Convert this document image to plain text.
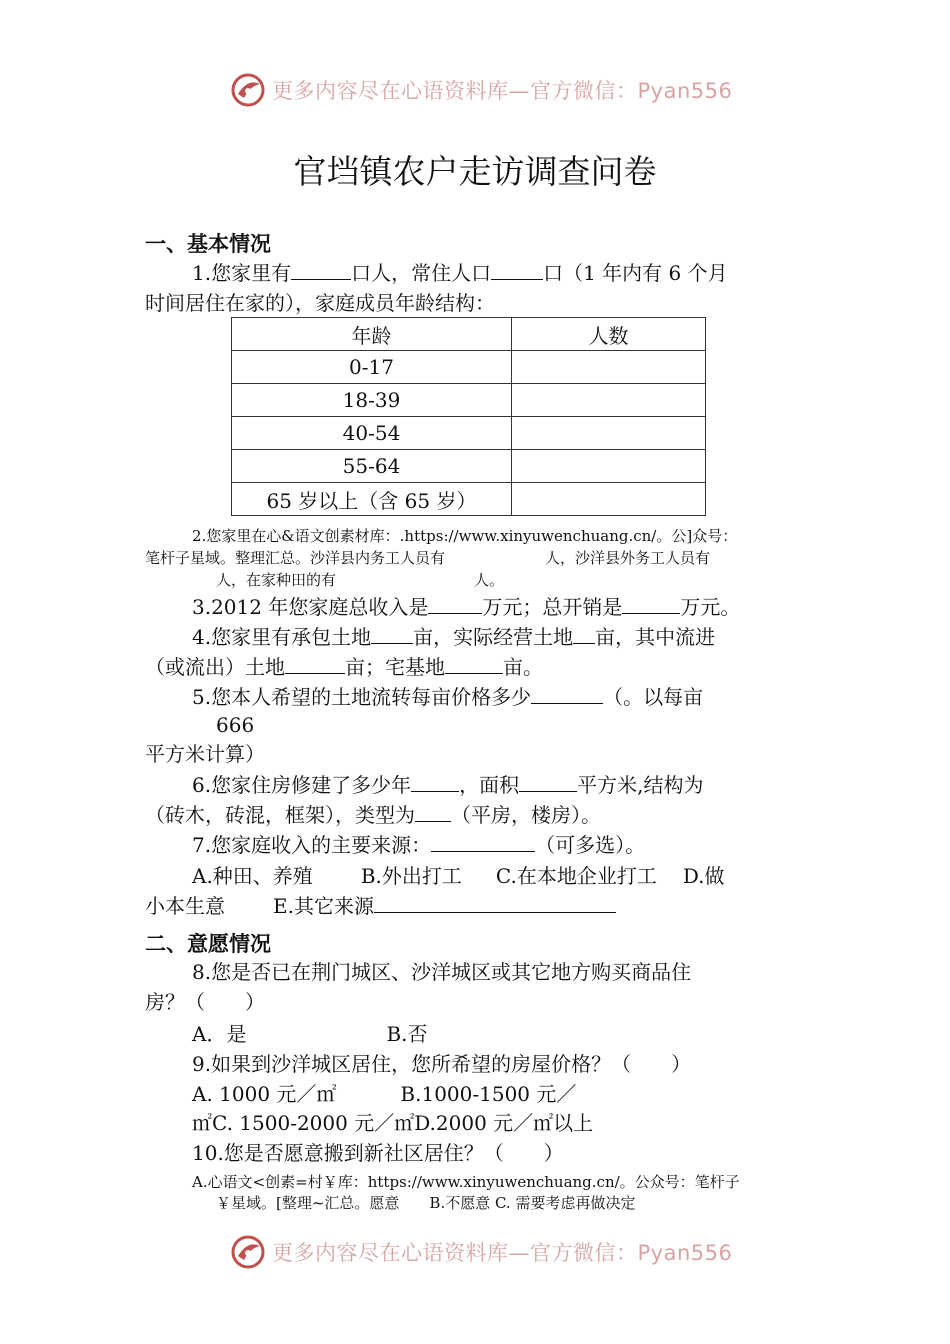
更多内容尽在心语资料库—官方微信：Pyan556
官垱镇农户走访调查问卷
一、基本情况
1.您家里有	口人，常住人口	口（1 年内有 6 个月
时间居住在家的），家庭成员年龄结构：
年龄	人数
0-17	
18-39	
40-54	
55-64	
65 岁以上（含 65 岁）	
2.您家里在心&语文创素材库：.https://www.xinyuwenchuang.cn/。公]众号：
笔杆子星域。整理汇总。沙洋县内务工人员有	人，沙洋县外务工人员有
人，在家种田的有	人。
3.2012 年您家庭总收入是	万元；总开销是	万元。
4.您家里有承包土地 亩，实际经营土地 亩，其中流进
（或流出）土地	亩；宅基地	亩。
5.您本人希望的土地流转每亩价格多少	（。以每亩
666
平方米计算）
6.您家住房修建了多少年 ，面积	平方米,结构为
（砖木，砖混，框架），类型为 （平房，楼房）。
7.您家庭收入的主要来源：	（可多选）。
A.种田、养殖 B.外出打工 C.在本地企业打工 D.做
小本生意 E.其它来源
二、意愿情况
8.您是否已在荆门城区、沙洋城区或其它地方购买商品住
房？（　　）
A．是	B.否
9.如果到沙洋城区居住，您所希望的房屋价格？（　　）
A. 1000 元／㎡	B.1000-1500 元／
㎡C. 1500-2000 元／㎡D.2000 元／㎡以上
10.您是否愿意搬到新社区居住？（　　）
A.心语文<创素=村￥库：https://www.xinyuwenchuang.cn/。公众号：笔杆子
￥星域。[整理~汇总。愿意　　B.不愿意 C. 需要考虑再做决定
更多内容尽在心语资料库—官方微信：Pyan556
